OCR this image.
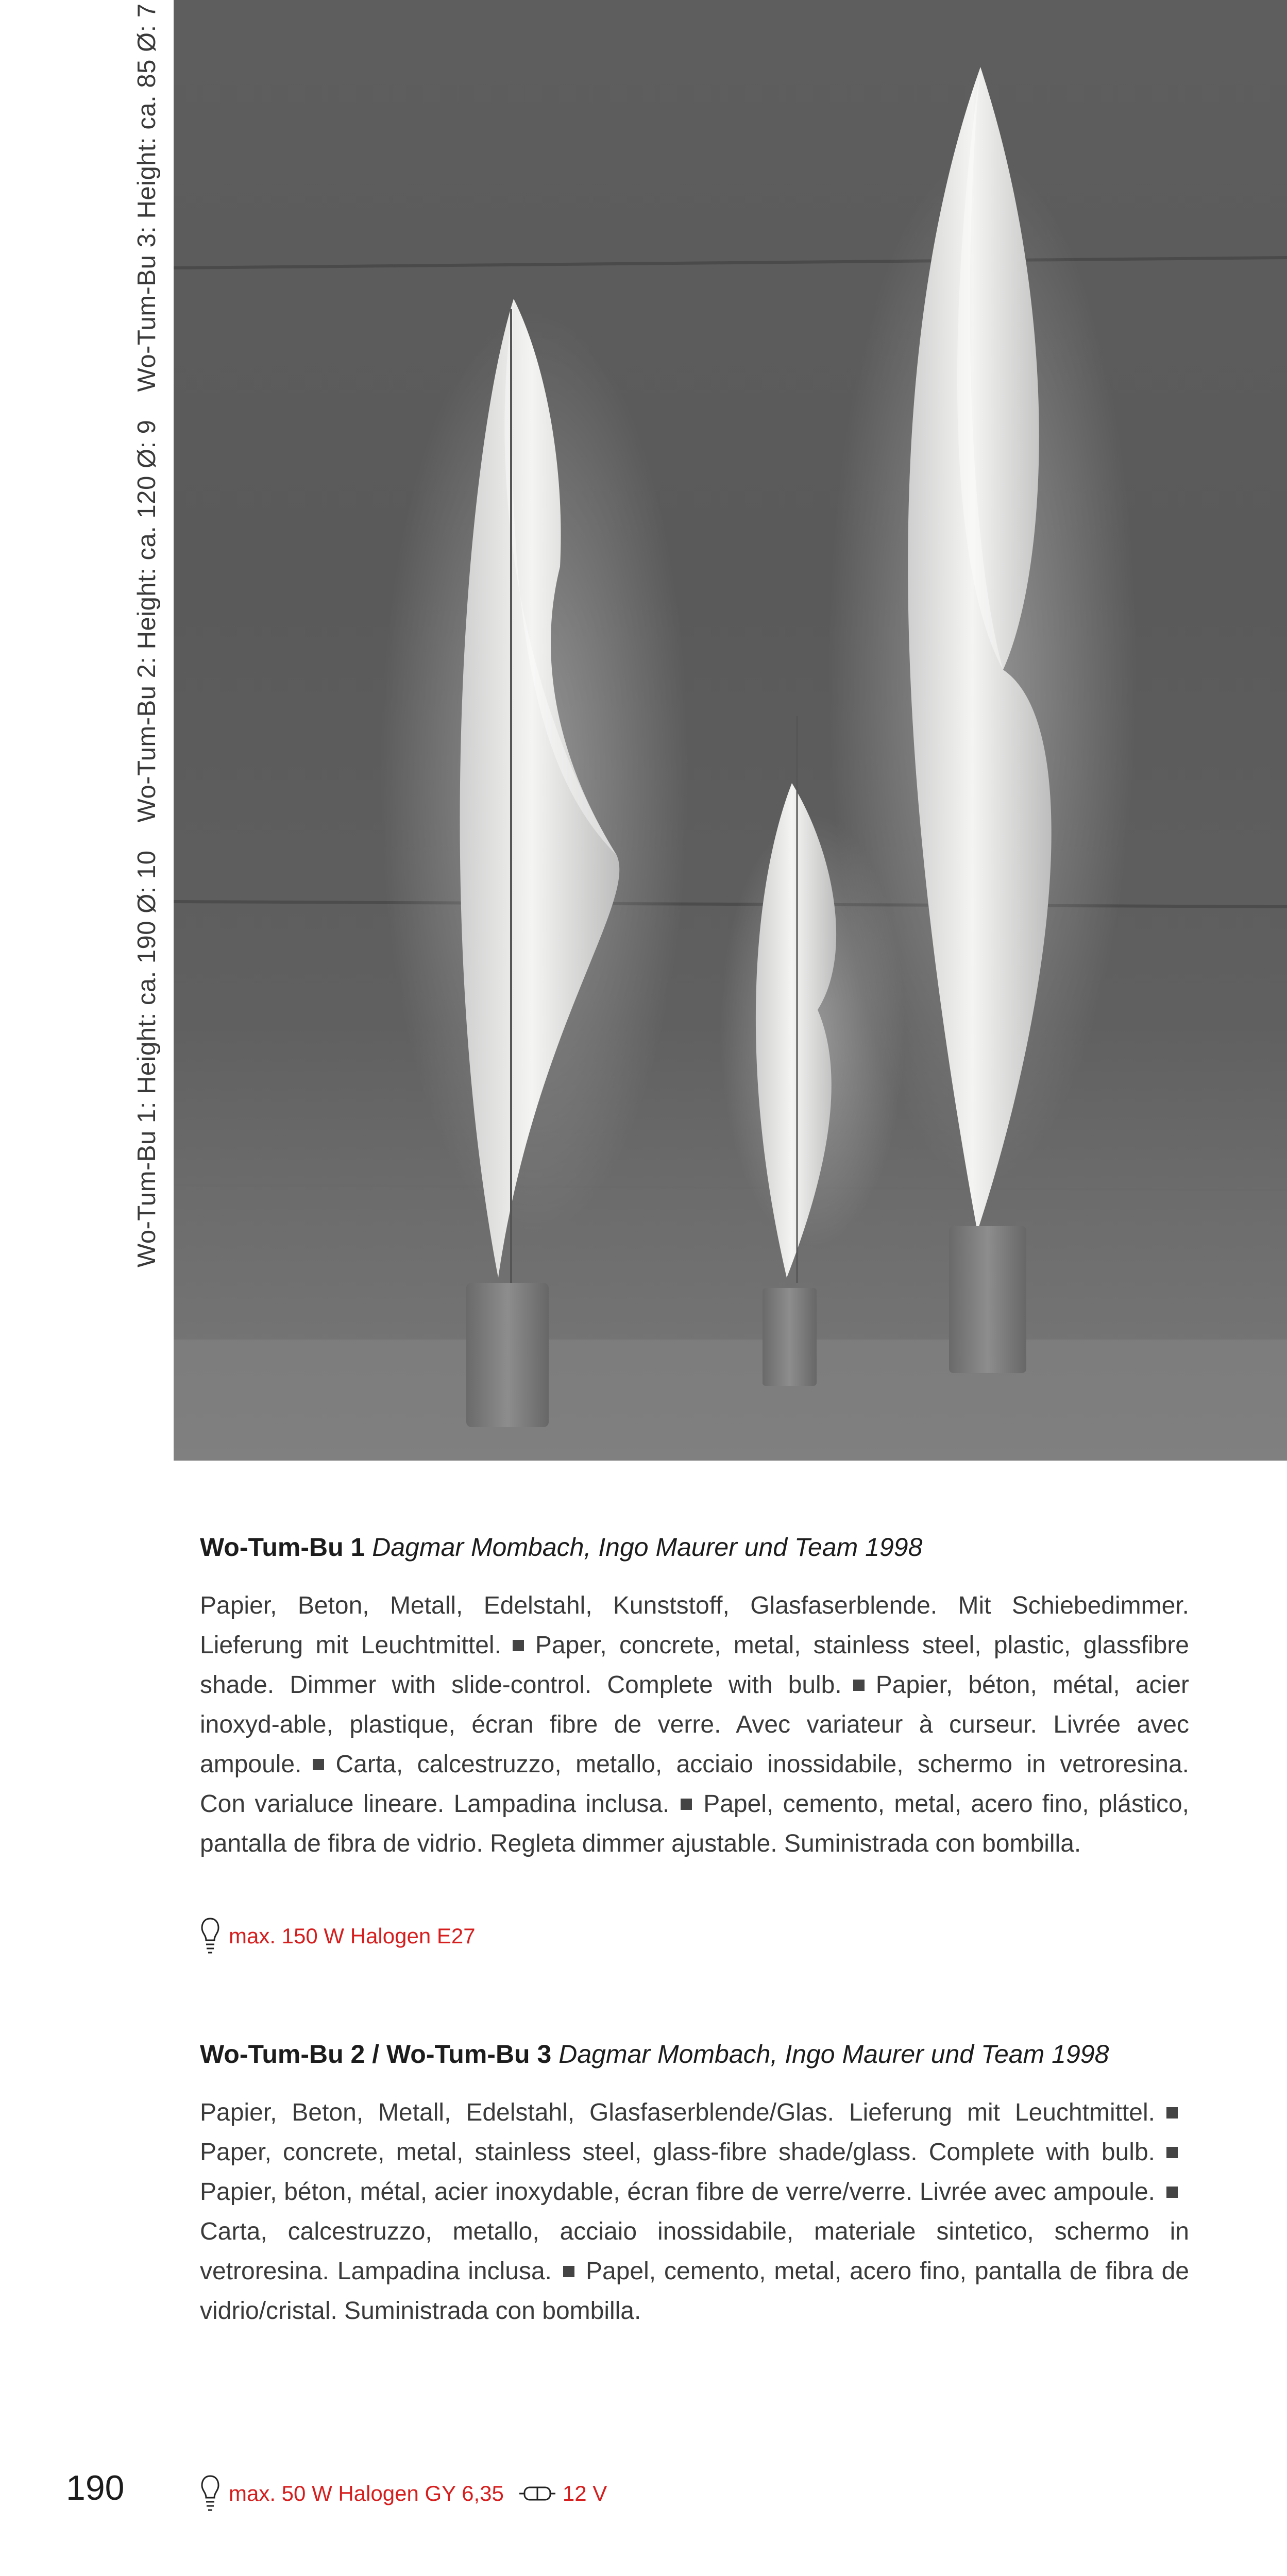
Wo-Tum-Bu 1: Height: ca. 190 Ø: 10 Wo-Tum-Bu 2: Height: ca. 120 Ø: 9 Wo-Tum-Bu 3: Height: ca. 85 Ø: 7
Wo-Tum-Bu 1 Dagmar Mombach, Ingo Maurer und Team 1998
Papier, Beton, Metall, Edelstahl, Kunststoff, Glasfaserblende. Mit Schiebedimmer. Lieferung mit Leuchtmittel. Paper, concrete, metal, stainless steel, plastic, glassfibre shade. Dimmer with slide-control. Complete with bulb. Papier, béton, métal, acier inoxyd-able, plastique, écran fibre de verre. Avec variateur à curseur. Livrée avec ampoule. Carta, calcestruzzo, metallo, acciaio inossidabile, schermo in vetroresina. Con varialuce lineare. Lampadina inclusa. Papel, cemento, metal, acero fino, plástico, pantalla de fibra de vidrio. Regleta dimmer ajustable. Suministrada con bombilla.
max. 150 W Halogen E27
Wo-Tum-Bu 2 / Wo-Tum-Bu 3 Dagmar Mombach, Ingo Maurer und Team 1998
Papier, Beton, Metall, Edelstahl, Glasfaserblende/Glas. Lieferung mit Leuchtmittel.Paper, concrete, metal, stainless steel, glass-fibre shade/glass. Complete with bulb.Papier, béton, métal, acier inoxydable, écran fibre de verre/verre. Livrée avec ampoule.Carta, calcestruzzo, metallo, acciaio inossidabile, materiale sintetico, schermo in vetroresina. Lampadina inclusa. Papel, cemento, metal, acero fino, pantalla de fibra de vidrio/cristal. Suministrada con bombilla.
max. 50 W Halogen GY 6,35	12 V
190
